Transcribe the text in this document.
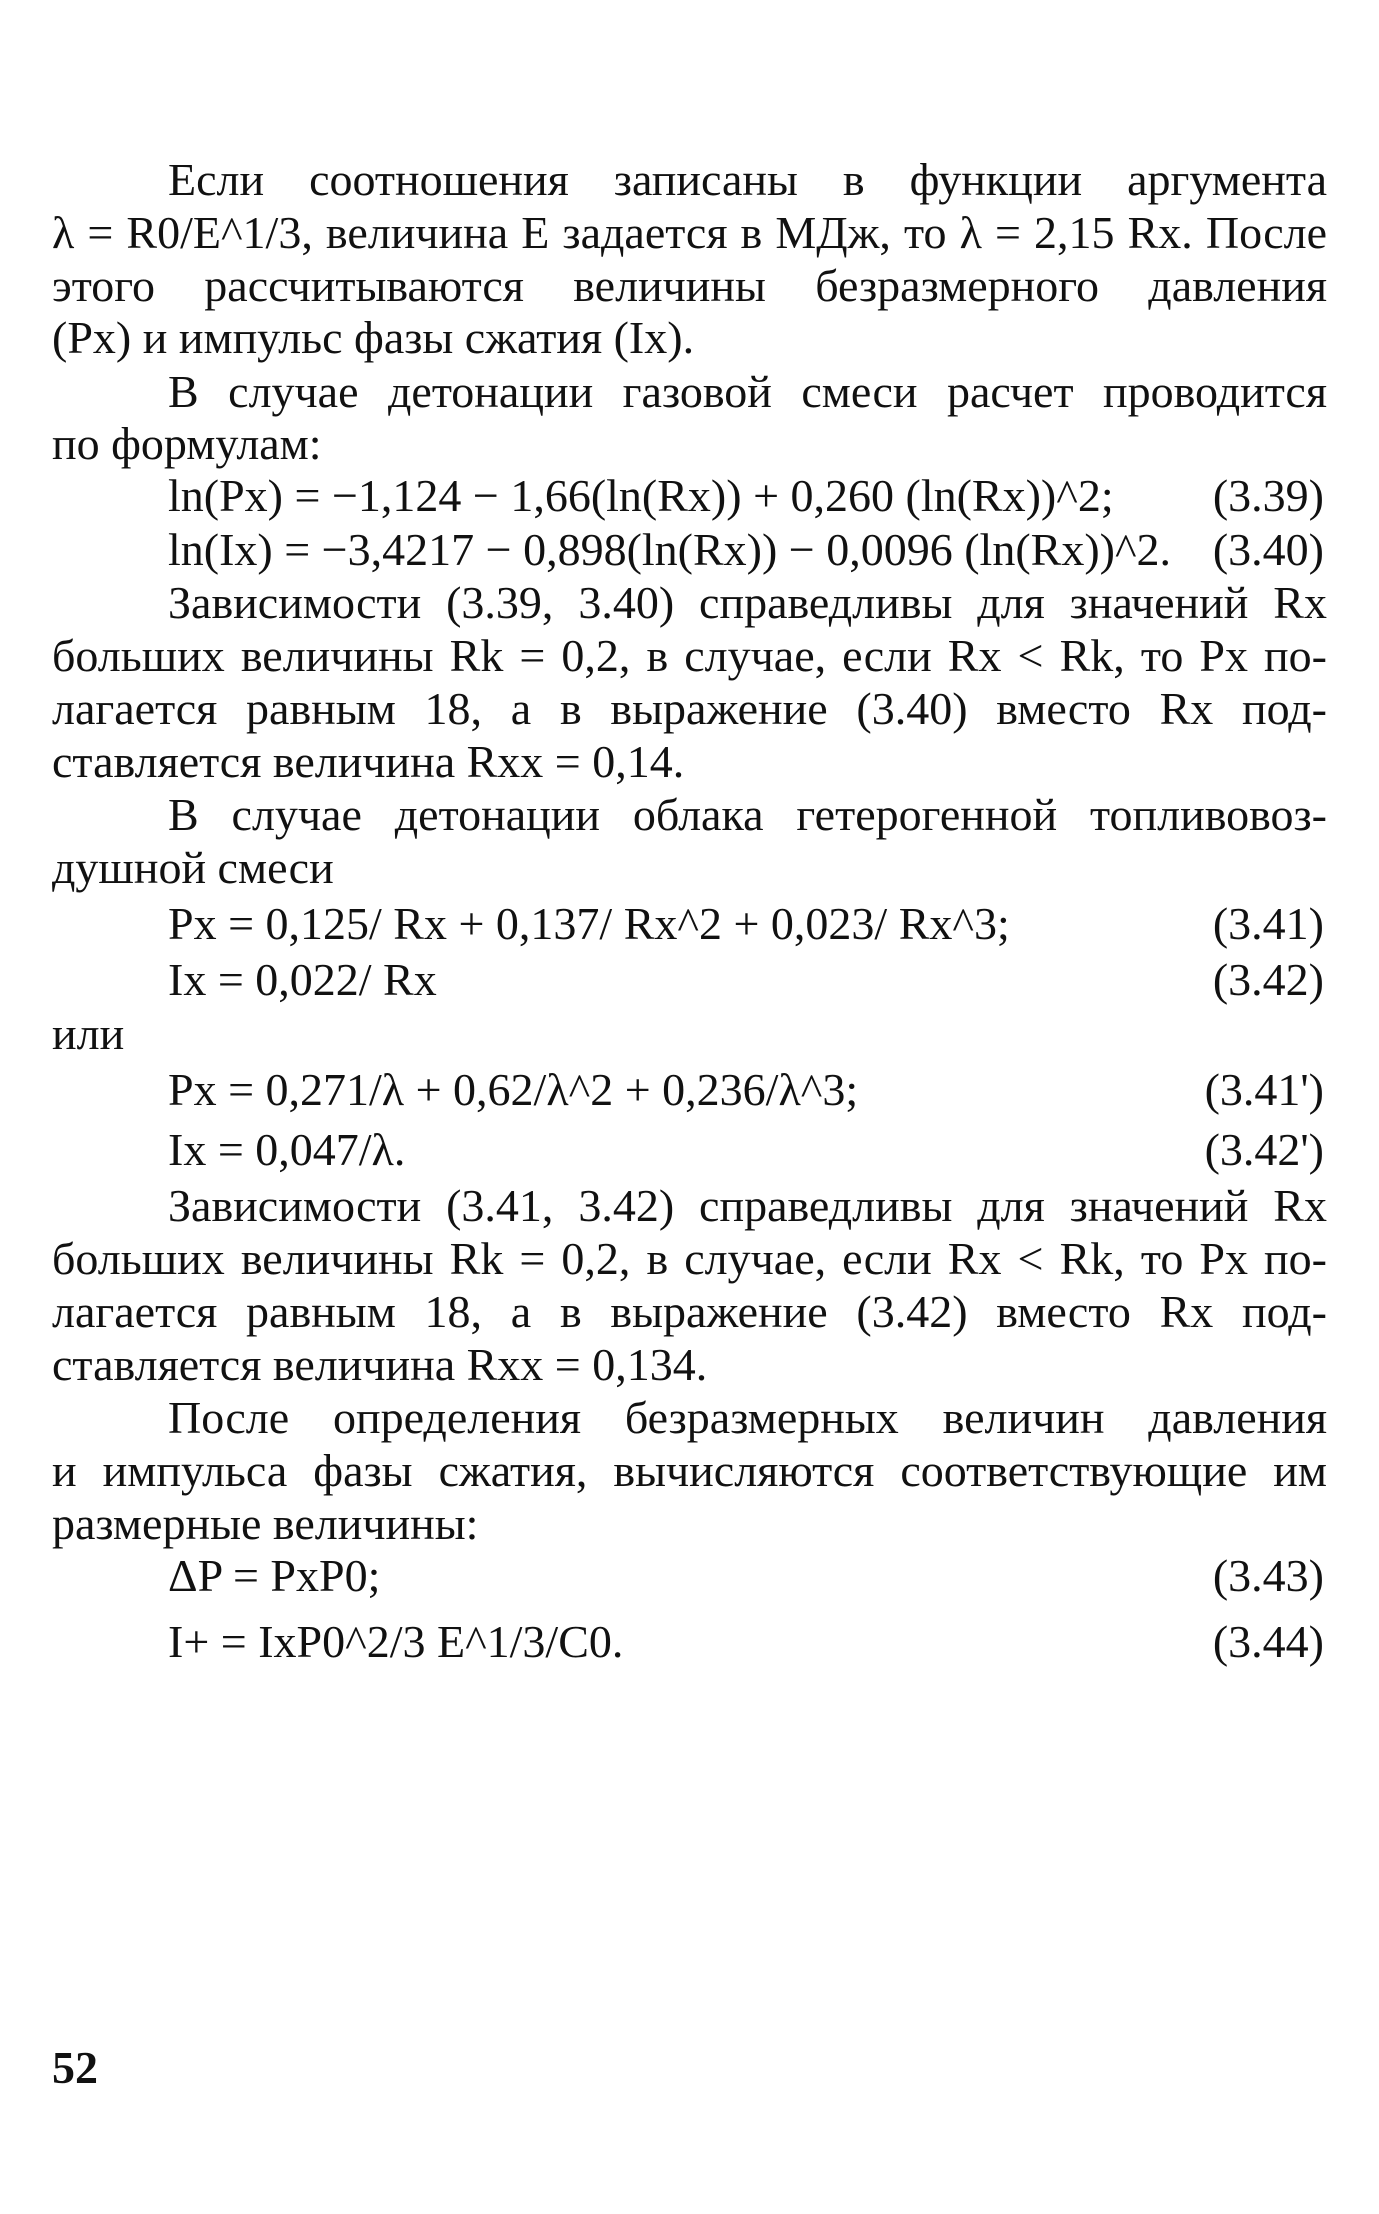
Если соотношения записаны в функции аргумента
λ = R0/E^1/3, величина E задается в МДж, то λ = 2,15 Rx. После
этого рассчитываются величины безразмерного давления
(Px) и импульс фазы сжатия (Ix).
В случае детонации газовой смеси расчет проводится
по формулам:
ln(Px) = −1,124 − 1,66(ln(Rx)) + 0,260 (ln(Rx))^2; (3.39)
ln(Ix) = −3,4217 − 0,898(ln(Rx)) − 0,0096 (ln(Rx))^2. (3.40)
Зависимости (3.39, 3.40) справедливы для значений Rx
больших величины Rk = 0,2, в случае, если Rx < Rk, то Px по-
лагается равным 18, а в выражение (3.40) вместо Rx под-
ставляется величина Rxx = 0,14.
В случае детонации облака гетерогенной топливовоз-
душной смеси
Px = 0,125/ Rx + 0,137/ Rx^2 + 0,023/ Rx^3;	(3.41)
Ix = 0,022/ Rx	(3.42)
или
Px = 0,271/λ + 0,62/λ^2 + 0,236/λ^3;	(3.41')
Ix = 0,047/λ.	(3.42')
Зависимости (3.41, 3.42) справедливы для значений Rx
больших величины Rk = 0,2, в случае, если Rx < Rk, то Px по-
лагается равным 18, а в выражение (3.42) вместо Rx под-
ставляется величина Rxx = 0,134.
После определения безразмерных величин давления
и импульса фазы сжатия, вычисляются соответствующие им
размерные величины:
ΔP = PxP0;	(3.43)
I+ = IxP0^2/3 E^1/3/C0.	(3.44)
52
